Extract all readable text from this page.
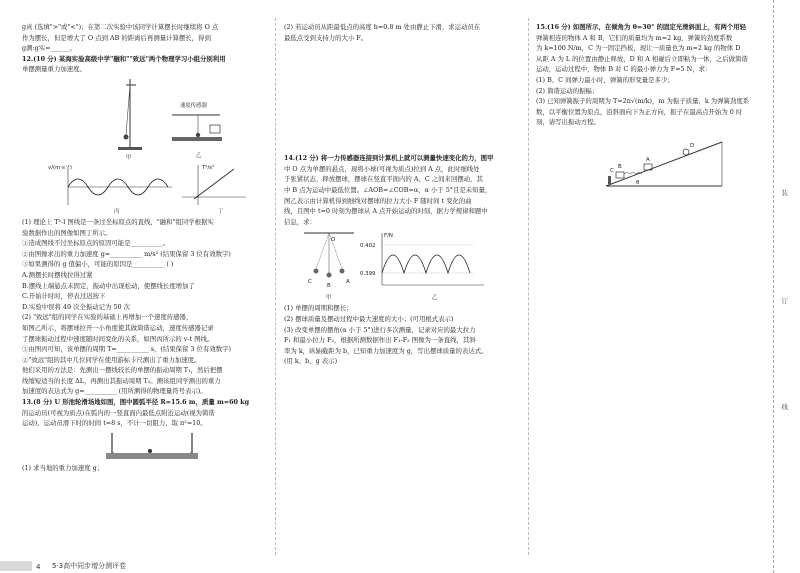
g真 (选填">"或"<")；在第二次实验中该同学计算摆长时继续将 O 点

作为摆长，但是增大了 O 点到 AB 的距离后再测量计算摆长，得到

g测:g实=______。

12.(10 分) 某海实验高级中学"融和""致远"两个物理学习小组分别利用

单摆测量重力加速度。

甲
速度传感器
乙
v/(m·s⁻¹)
丙
T²/s²
丁

(1) 理论上 T²-l 图线是一条过坐标原点的直线，"融和"组同学根据实

验数据作出的图像如图丁所示。

①造成图线不过坐标原点的原因可能是__________。

②由图像求出的重力加速度 g=__________ m/s² (结果保留 3 位有效数字)

③如果测得的 g 值偏小，可能的原因是__________ ( )

A.测摆长时摆线拉得过紧

B.摆线上端悬点未固定，振动中出现松动，使摆线长度增加了

C.开始计时时，停表过迟按下

D.实验中误将 49 次全振动记为 50 次

(2) "致远"组的同学在实验的基础上再增加一个速度传感器，

如图乙所示，将摆球拉开一小角度使其做简谐运动，速度传感器记录

了摆球振动过程中速度随时间变化的关系，如图丙所示的 v-t 图线。

①由图丙可知，该单摆的周期 T=__________ s，(结果保留 3 位有效数字)

②"致远"组的其中几位同学在使用游标卡尺测出了重力加速度。

他们采用的方法是：先测出一摆线较长的单摆的振动周期 T₁，然后把摆

线缩短适当的长度 ΔL，再测出其振动周期 T₂。测该组同学测出的重力

加速度的表达式为 g=__________ (用所测得的物理量符号表示)。

13.(8 分) U 形池轮滑场地如图，图中圆弧半径 R=15.6 m，质量 m=60 kg

的运动员(可视为质点)在弧内的一竖直面内最低点附近运动(视为简谐

运动)，运动员滑下时的时间 t=8 s，不计一切阻力，取 π²=10。

(1) 求当地的重力加速度 g；

(2) 若运动员从距最低点的高度 h=0.8 m 处由静止下滑，求运动员在

最低点受到支持力的大小 F。

14.(12 分) 将一力传感器连接到计算机上就可以测量快速变化的力，图甲

中 O 点为单摆的悬点，现将小球(可视为质点)拉到 A 点，此时细线处

于张紧状态，释放摆球，摆球在竖直平面内的 A、C 之间来回摆动，其

中 B 点为运动中最低位置。∠AOB=∠COB=α，α 小于 5°且是未知量，

图乙表示由计算机得到细线对摆球的拉力大小 F 随时间 t 变化的曲

线，且图中 t=0 时刻为摆球从 A 点开始运动的时刻，据力学规律和题中

信息，求：

O
C
B
A
甲
F/N
0.402
0.399
乙

(1) 单摆的周期和摆长；

(2) 摆球质量及摆动过程中最大速度的大小；(可用根式表示)

(3) 改变单摆的摆角(α 小于 5°)进行多次测量，记录对应的最大拉力

F₁ 和最小拉力 F₂，根据所测数据作出 F₁-F₂ 图像为一条直线，其斜

率为 k，纵轴截距为 b，已知重力加速度为 g，写出摆球质量的表达式。

(用 k、b、g 表示)

15.(16 分) 如图所示，在倾角为 θ=30° 的固定光滑斜面上，有两个用轻

弹簧相连的物体 A 和 B，它们的质量均为 m=2 kg，弹簧的劲度系数

为 k=100 N/m，C 为一固定挡板，现让一质量也为 m=2 kg 的物体 D

从距 A 为 L 的位置由静止释放，D 和 A 相碰后立即粘为一体，之后做简谐

运动，运动过程中，物体 B 对 C 的最小弹力为 F=5 N，求：

(1) B、C 间弹力最小时，弹簧的形变量是多少；

(2) 简谐运动的振幅；

(3) 已知弹簧振子的周期为 T=2π√(m/k)，m 为振子质量，k 为弹簧劲度系

数，以平衡位置为原点，沿斜面向下为正方向，振子在最高点开始为 0 时

刻，请写出振动方程。

C
B
A
D
θ
装
订
线
4 5·3高中同步增分测评卷
